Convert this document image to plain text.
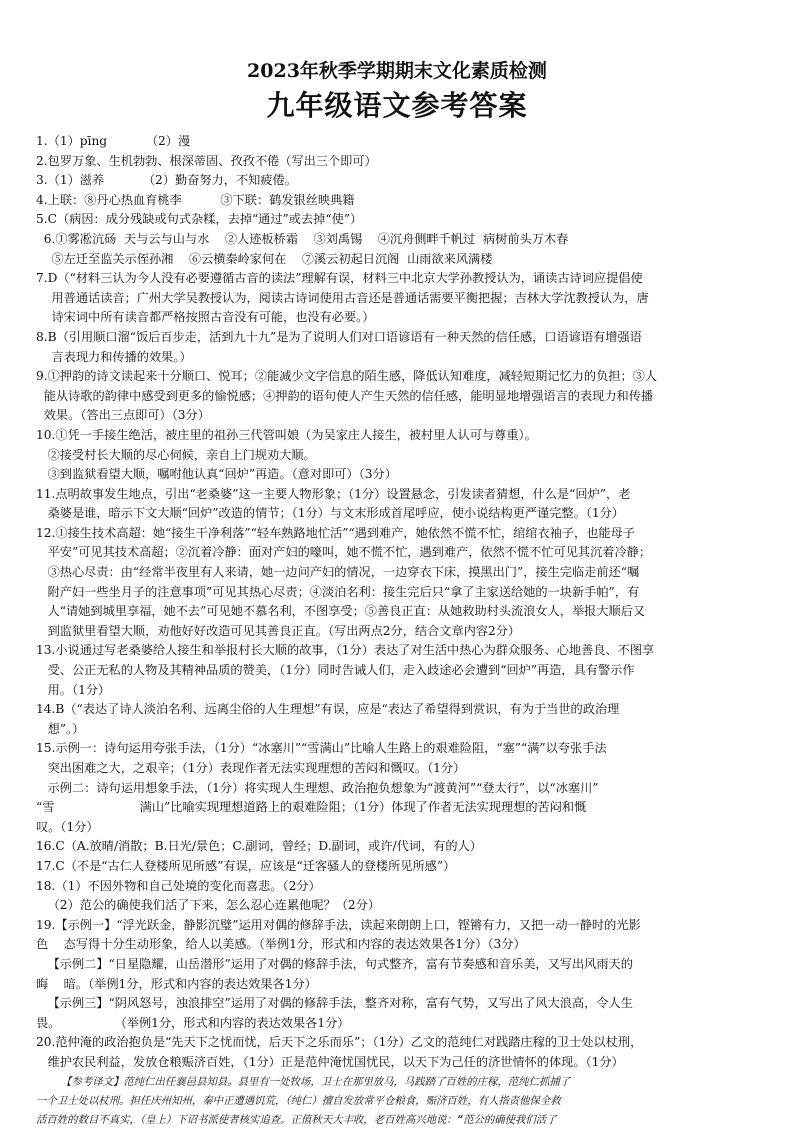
2023年秋季学期期末文化素质检测
九年级语文参考答案
1.（1）pīng          （2）漫
2.包罗万象、生机勃勃、根深蒂固、孜孜不倦（写出三个即可）
3.（1）滋养          （2）勤奋努力，不知疲倦。
4.上联：⑧丹心热血育桃李          ③下联：鹤发银丝映典籍
5.C（病因：成分残缺或句式杂糅，去掉“通过”或去掉“使”）
6.①雾凇沆砀  天与云与山与水    ②人迹板桥霜    ③刘禹锡    ④沉舟侧畔千帆过  病树前头万木春
⑤左迁至监关示侄孙湘    ⑥云横秦岭家何在    ⑦溪云初起日沉阁  山雨欲来风满楼
7.D（“材料三认为今人没有必要遵循古音的读法”理解有误，材料三中北京大学孙教授认为，诵读古诗词应提倡使
用普通话读音；广州大学吴教授认为，阅读古诗词使用古音还是普通话需要平衡把握；吉林大学沈教授认为，唐
诗宋词中所有读音都严格按照古音没有可能，也没有必要。）
8.B（引用顺口溜“饭后百步走，活到九十九”是为了说明人们对口语谚语有一种天然的信任感，口语谚语有增强语
言表现力和传播的效果。）
9.①押韵的诗文读起来十分顺口、悦耳；②能减少文字信息的陌生感，降低认知难度，减轻短期记忆力的负担；③人
能从诗歌的韵律中感受到更多的愉悦感；④押韵的语句使人产生天然的信任感，能明显地增强语言的表现力和传播
效果。（答出三点即可）（3分）
10.①凭一手接生绝活，被庄里的祖孙三代管叫娘（为吴家庄人接生，被村里人认可与尊重）。
②接受村长大顺的尽心伺候，亲自上门规劝大顺。
③到监狱看望大顺，嘱咐他认真“回炉”再造。（意对即可）（3分）
11.点明故事发生地点，引出“老桑婆”这一主要人物形象；（1分）设置悬念，引发读者猜想，什么是“回炉”，老
桑婆是谁，暗示下文大顺“回炉”改造的情节；（1分）与文末形成首尾呼应，使小说结构更严谨完整。（1分）
12.①接生技术高超：她“接生干净利落”“轻车熟路地忙活”“遇到难产，她依然不慌不忙，绾绾衣袖子，也能母子
平安”可见其技术高超；②沉着冷静：面对产妇的嚎叫，她不慌不忙，遇到难产，依然不慌不忙可见其沉着冷静；
③热心尽责：由“经常半夜里有人来请，她一边问产妇的情况，一边穿衣下床，摸黑出门”，接生完临走前还“嘱
附产妇一些坐月子的注意事项”可见其热心尽责；④淡泊名利：接生完后只“拿了主家送给她的一块新手帕”，有
人“请她到城里享福，她不去”可见她不慕名利，不图享受；⑤善良正直：从她救助村头流浪女人，举报大顺后又
到监狱里看望大顺，劝他好好改造可见其善良正直。（写出两点2分，结合文章内容2分）
13.小说通过写老桑婆给人接生和举报村长大顺的故事，（1分）表达了对生活中热心为群众服务、心地善良、不图享
受、公正无私的人物及其精神品质的赞美，（1分）同时告诫人们，走入歧途必会遭到“回炉”再造，具有警示作
用。（1分）
14.B（“表达了诗人淡泊名利、远离尘俗的人生理想”有误，应是“表达了希望得到赏识，有为于当世的政治理
想”。）
15.示例一：诗句运用夸张手法，（1分）“冰塞川”“雪满山”比喻人生路上的艰难险阻，“塞”“满”以夸张手法
突出困难之大，之艰辛；（1分）表现作者无法实现理想的苦闷和慨叹。（1分）
示例二：诗句运用想象手法，（1分）将实现人生理想、政治抱负想象为“渡黄河”“登太行”，以“冰塞川”
“雪                      满山”比喻实现理想道路上的艰难险阻；（1分）体现了作者无法实现理想的苦闷和慨
叹。（1分）
16.C（A.放晴/消散；B.日光/景色；C.副词，曾经；D.副词，或许/代词，有的人）
17.C（不是“古仁人登楼所见所感”有误，应该是“迁客骚人的登楼所见所感”）
18.（1）不因外物和自己处境的变化而喜悲。（2分）
（2）范公的确使我们活了下来，怎么忍心连累他呢？（2分）
19.【示例一】“浮光跃金，静影沉璧”运用对偶的修辞手法，读起来朗朗上口，铿锵有力，又把一动一静时的光影
色    态写得十分生动形象，给人以美感。（举例1分，形式和内容的表达效果各1分）（3分）
【示例二】“日星隐耀，山岳潜形”运用了对偶的修辞手法，句式整齐，富有节奏感和音乐美，又写出风雨天的
晦    暗。（举例1分，形式和内容的表达效果各1分）
【示例三】“阴风怒号，浊浪排空”运用了对偶的修辞手法，整齐对称，富有气势，又写出了风大浪高，令人生
畏。              （举例1分，形式和内容的表达效果各1分）
20.范仲淹的政治抱负是“先天下之忧而忧，后天下之乐而乐”；（1分）乙文的范纯仁对践踏庄稼的卫士处以杖刑，
维护农民利益，发放仓粮赈济百姓，（1分）正是范仲淹忧国忧民，以天下为己任的济世情怀的体现。（1分）
【参考译文】范纯仁出任襄邑县知县。县里有一处牧场，卫士在那里放马，马践踏了百姓的庄稼，范纯仁抓捕了
一个卫士处以杖刑。担任庆州知州，秦中正遭遇饥荒，（纯仁）擅自发放常平仓粮食，赈济百姓，有人指责他保全救
活百姓的数目不真实，（皇上）下诏书派使者核实追查。正值秋天大丰收，老百姓高兴地说：“范公的确使我们活了
